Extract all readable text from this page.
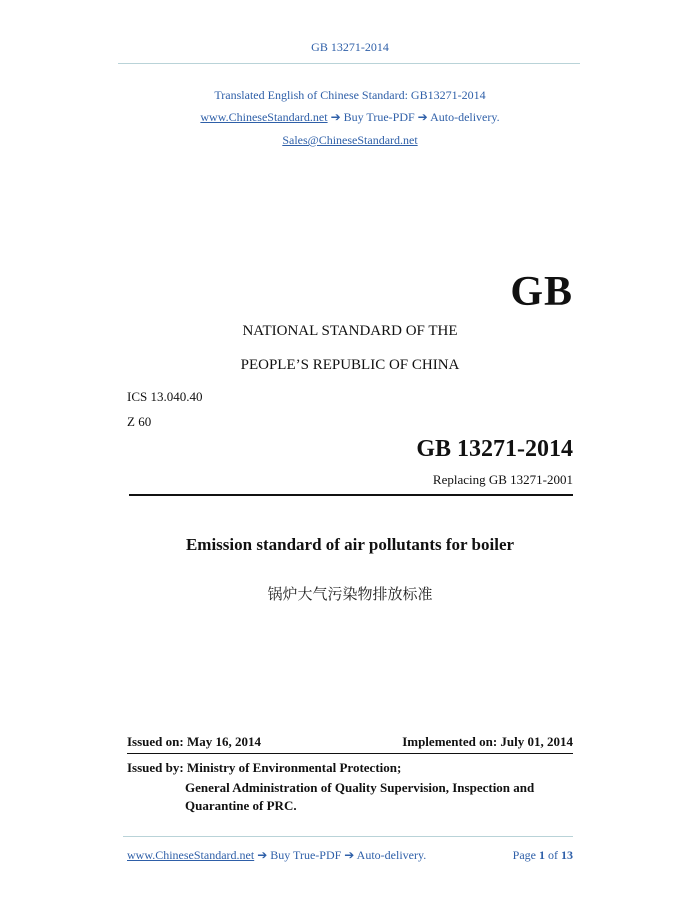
GB 13271-2014
Translated English of Chinese Standard: GB13271-2014
www.ChineseStandard.net ➔ Buy True-PDF ➔ Auto-delivery.
Sales@ChineseStandard.net
GB
NATIONAL STANDARD OF THE
PEOPLE’S REPUBLIC OF CHINA
ICS 13.040.40
Z 60
GB 13271-2014
Replacing GB 13271-2001
Emission standard of air pollutants for boiler
锅炉大气污染物排放标准
Issued on: May 16, 2014	Implemented on: July 01, 2014
Issued by: Ministry of Environmental Protection;
General Administration of Quality Supervision, Inspection and
Quarantine of PRC.
www.ChineseStandard.net ➔ Buy True-PDF ➔ Auto-delivery.	Page 1 of 13
